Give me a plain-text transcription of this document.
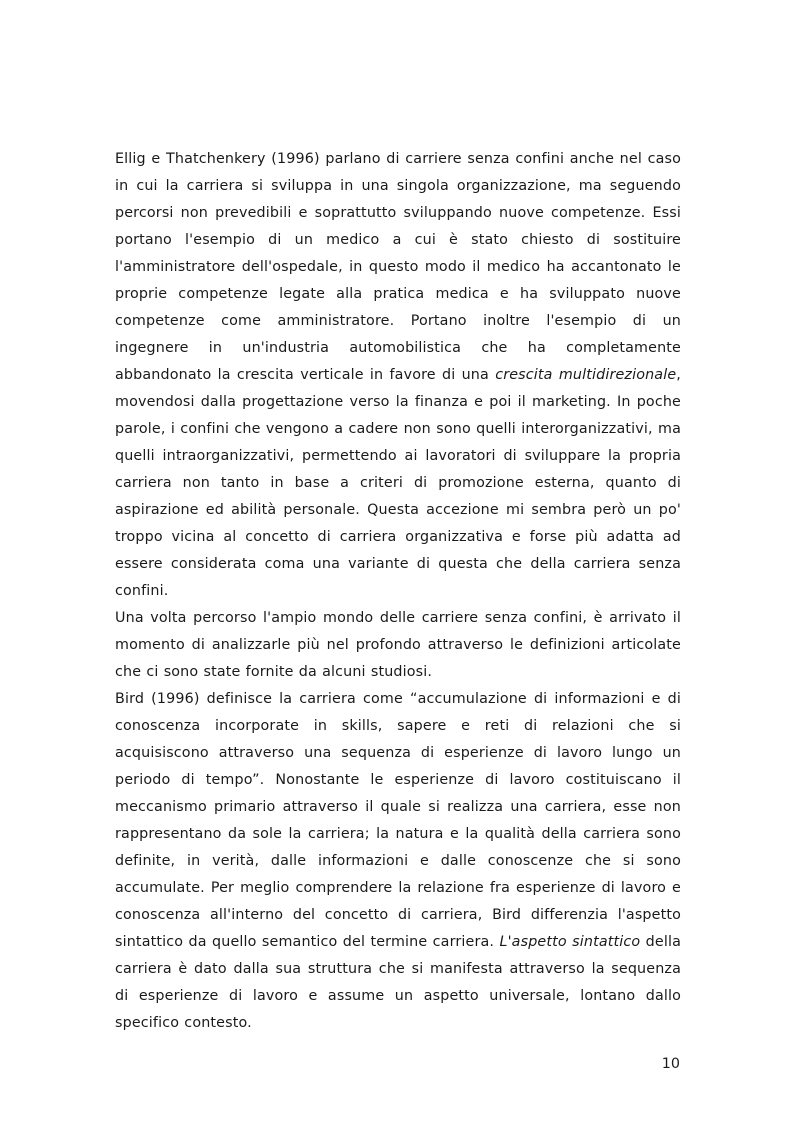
Ellig e Thatchenkery (1996) parlano di carriere senza confini anche nel caso in cui la carriera si sviluppa in una singola organizzazione, ma seguendo percorsi non prevedibili e soprattutto sviluppando nuove competenze. Essi portano l'esempio di un medico a cui è stato chiesto di sostituire l'amministratore dell'ospedale, in questo modo il medico ha accantonato le proprie competenze legate alla pratica medica e ha sviluppato nuove competenze come amministratore. Portano inoltre l'esempio di un ingegnere in un'industria automobilistica che ha completamente abbandonato la crescita verticale in favore di una crescita multidirezionale, movendosi dalla progettazione verso la finanza e poi il marketing. In poche parole, i confini che vengono a cadere non sono quelli interorganizzativi, ma quelli intraorganizzativi, permettendo ai lavoratori di sviluppare la propria carriera non tanto in base a criteri di promozione esterna, quanto di aspirazione ed abilità personale. Questa accezione mi sembra però un po' troppo vicina al concetto di carriera organizzativa e forse più adatta ad essere considerata coma una variante di questa che della carriera senza confini.

Una volta percorso l'ampio mondo delle carriere senza confini, è arrivato il momento di analizzarle più nel profondo attraverso le definizioni articolate che ci sono state fornite da alcuni studiosi.

Bird (1996) definisce la carriera come “accumulazione di informazioni e di conoscenza incorporate in skills, sapere e reti di relazioni che si acquisiscono attraverso una sequenza di esperienze di lavoro lungo un periodo di tempo”. Nonostante le esperienze di lavoro costituiscano il meccanismo primario attraverso il quale si realizza una carriera, esse non rappresentano da sole la carriera; la natura e la qualità della carriera sono definite, in verità, dalle informazioni e dalle conoscenze che si sono accumulate. Per meglio comprendere la relazione fra esperienze di lavoro e conoscenza all'interno del concetto di carriera, Bird differenzia l'aspetto sintattico da quello semantico del termine carriera. L'aspetto sintattico della carriera è dato dalla sua struttura che si manifesta attraverso la sequenza di esperienze di lavoro e assume un aspetto universale, lontano dallo specifico contesto.

10
